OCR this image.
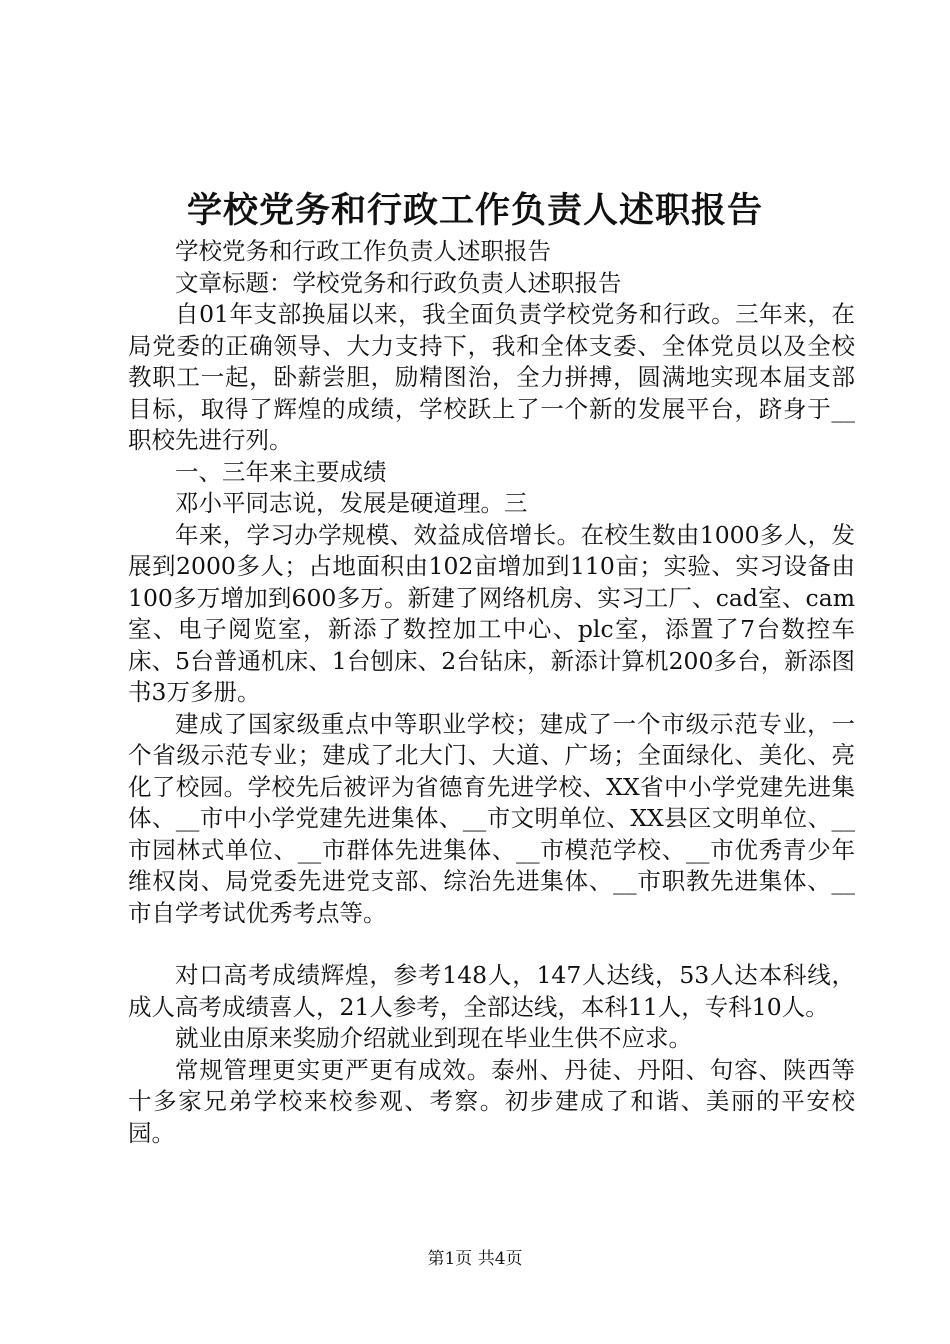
学校党务和行政工作负责人述职报告

学校党务和行政工作负责人述职报告

文章标题：学校党务和行政负责人述职报告

自01年支部换届以来，我全面负责学校党务和行政。三年来，在局党委的正确领导、大力支持下，我和全体支委、全体党员以及全校教职工一起，卧薪尝胆，励精图治，全力拼搏，圆满地实现本届支部目标，取得了辉煌的成绩，学校跃上了一个新的发展平台，跻身于__职校先进行列。

一、三年来主要成绩

邓小平同志说，发展是硬道理。三

年来，学习办学规模、效益成倍增长。在校生数由1000多人，发展到2000多人；占地面积由102亩增加到110亩；实验、实习设备由100多万增加到600多万。新建了网络机房、实习工厂、cad室、cam室、电子阅览室，新添了数控加工中心、plc室，添置了7台数控车床、5台普通机床、1台刨床、2台钻床，新添计算机200多台，新添图书3万多册。

建成了国家级重点中等职业学校；建成了一个市级示范专业，一个省级示范专业；建成了北大门、大道、广场；全面绿化、美化、亮化了校园。学校先后被评为省德育先进学校、XX省中小学党建先进集体、__市中小学党建先进集体、__市文明单位、XX县区文明单位、__市园林式单位、__市群体先进集体、__市模范学校、__市优秀青少年维权岗、局党委先进党支部、综治先进集体、__市职教先进集体、__市自学考试优秀考点等。

对口高考成绩辉煌，参考148人，147人达线，53人达本科线，成人高考成绩喜人，21人参考，全部达线，本科11人，专科10人。

就业由原来奖励介绍就业到现在毕业生供不应求。

常规管理更实更严更有成效。泰州、丹徒、丹阳、句容、陕西等十多家兄弟学校来校参观、考察。初步建成了和谐、美丽的平安校园。

第1页 共4页
